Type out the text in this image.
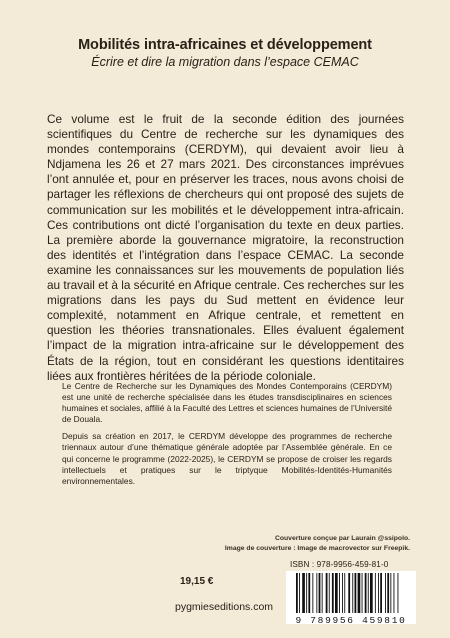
Mobilités intra-africaines et développement
Écrire et dire la migration dans l’espace CEMAC

Ce volume est le fruit de la seconde édition des journées scientifiques du Centre de recherche sur les dynamiques des mondes contemporains (CERDYM), qui devaient avoir lieu à Ndjamena les 26 et 27 mars 2021. Des circonstances imprévues l’ont annulée et, pour en préserver les traces, nous avons choisi de partager les réflexions de chercheurs qui ont proposé des sujets de communication sur les mobilités et le développement intra-africain. Ces contributions ont dicté l’organisation du texte en deux parties. La première aborde la gouvernance migratoire, la reconstruction des identités et l’intégration dans l’espace CEMAC. La seconde examine les connaissances sur les mouvements de population liés au travail et à la sécurité en Afrique centrale. Ces recherches sur les migrations dans les pays du Sud mettent en évidence leur complexité, notamment en Afrique centrale, et remettent en question les théories transnationales. Elles évaluent également l’impact de la migration intra-africaine sur le développement des États de la région, tout en considérant les questions identitaires liées aux frontières héritées de la période coloniale.

Le Centre de Recherche sur les Dynamiques des Mondes Contemporains (CERDYM) est une unité de recherche spécialisée dans les études transdisciplinaires en sciences humaines et sociales, affilié à la Faculté des Lettres et sciences humaines de l’Université de Douala.

Depuis sa création en 2017, le CERDYM développe des programmes de recherche triennaux autour d’une thématique générale adoptée par l’Assemblée générale. En ce qui concerne le programme (2022-2025), le CERDYM se propose de croiser les regards intellectuels et pratiques sur le triptyque Mobilités-Identités-Humanités environnementales.

Couverture conçue par Laurain @ssipolo.
Image de couverture : Image de macrovector sur Freepik.
ISBN : 978-9956-459-81-0
19,15 €
pygmieseditions.com
9 789956 459810
